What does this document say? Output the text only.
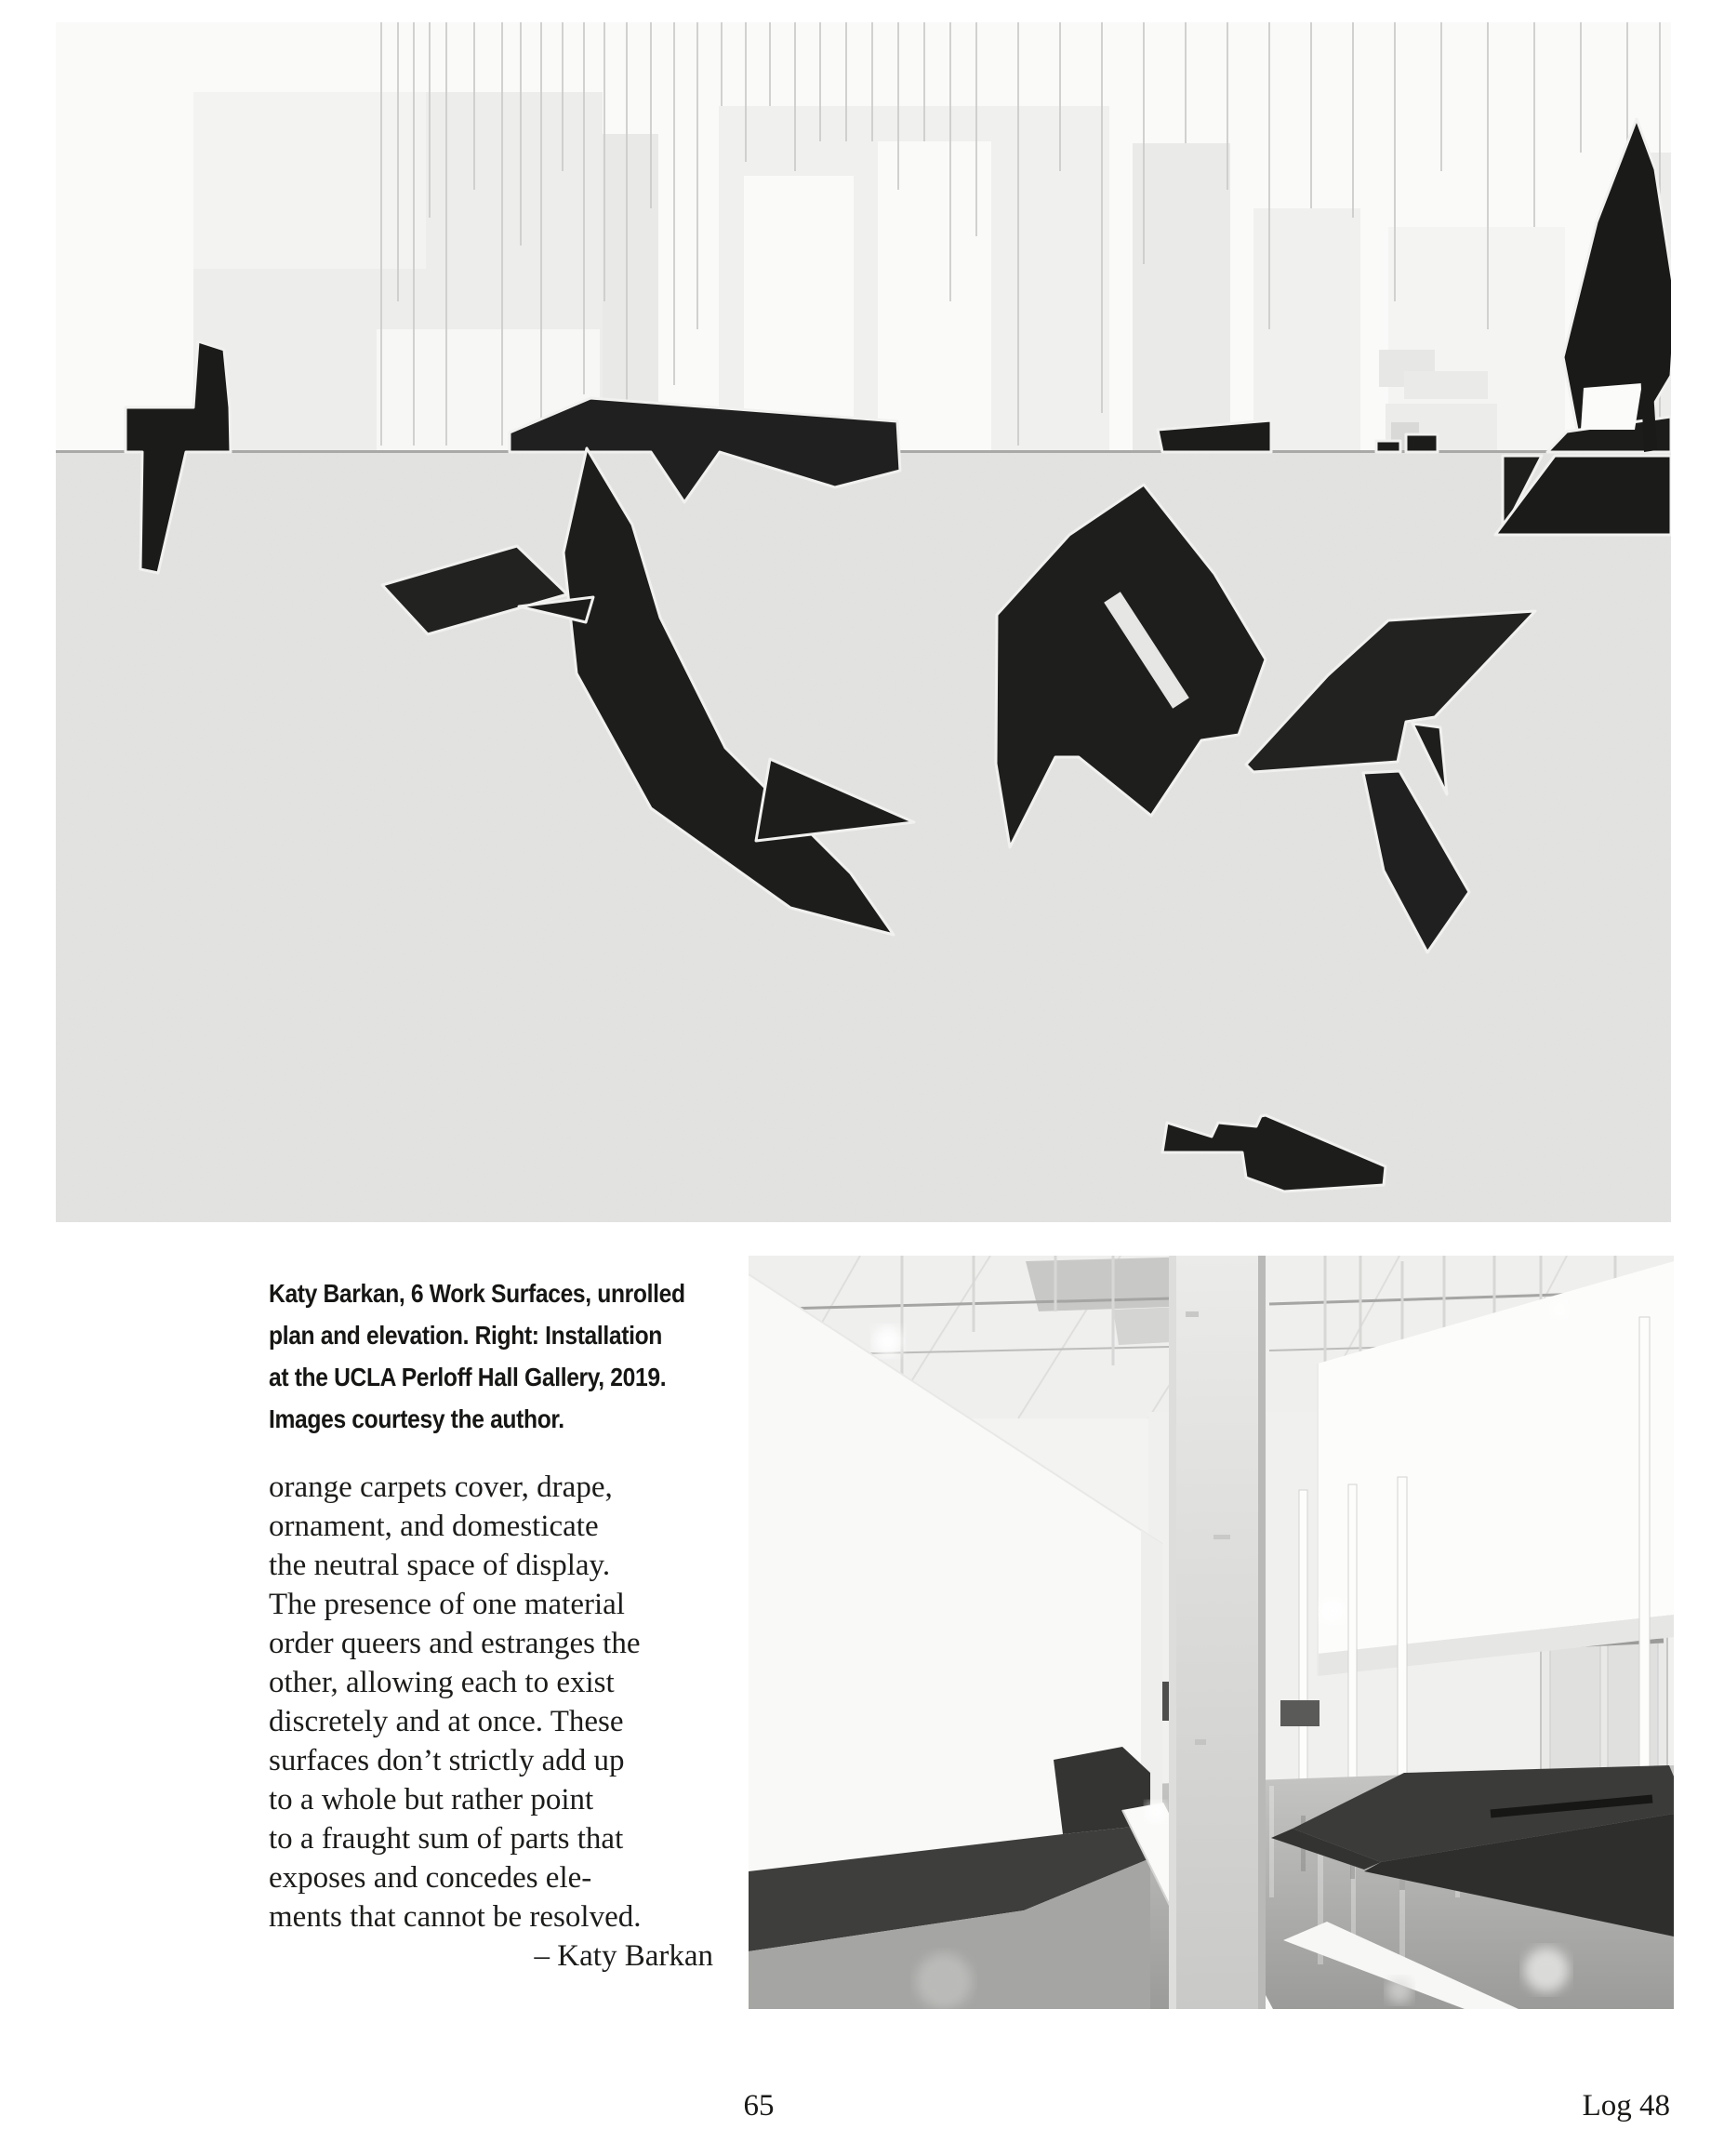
Katy Barkan, 6 Work Surfaces, unrolled
plan and elevation. Right: Installation
at the UCLA Perloff Hall Gallery, 2019.
Images courtesy the author.
orange carpets cover, drape,
ornament, and domesticate
the neutral space of display.
The presence of one material
order queers and estranges the
other, allowing each to exist
discretely and at once. These
surfaces don’t strictly add up
to a whole but rather point
to a fraught sum of parts that
exposes and concedes ele-
ments that cannot be resolved.
– Katy Barkan
65	Log 48
